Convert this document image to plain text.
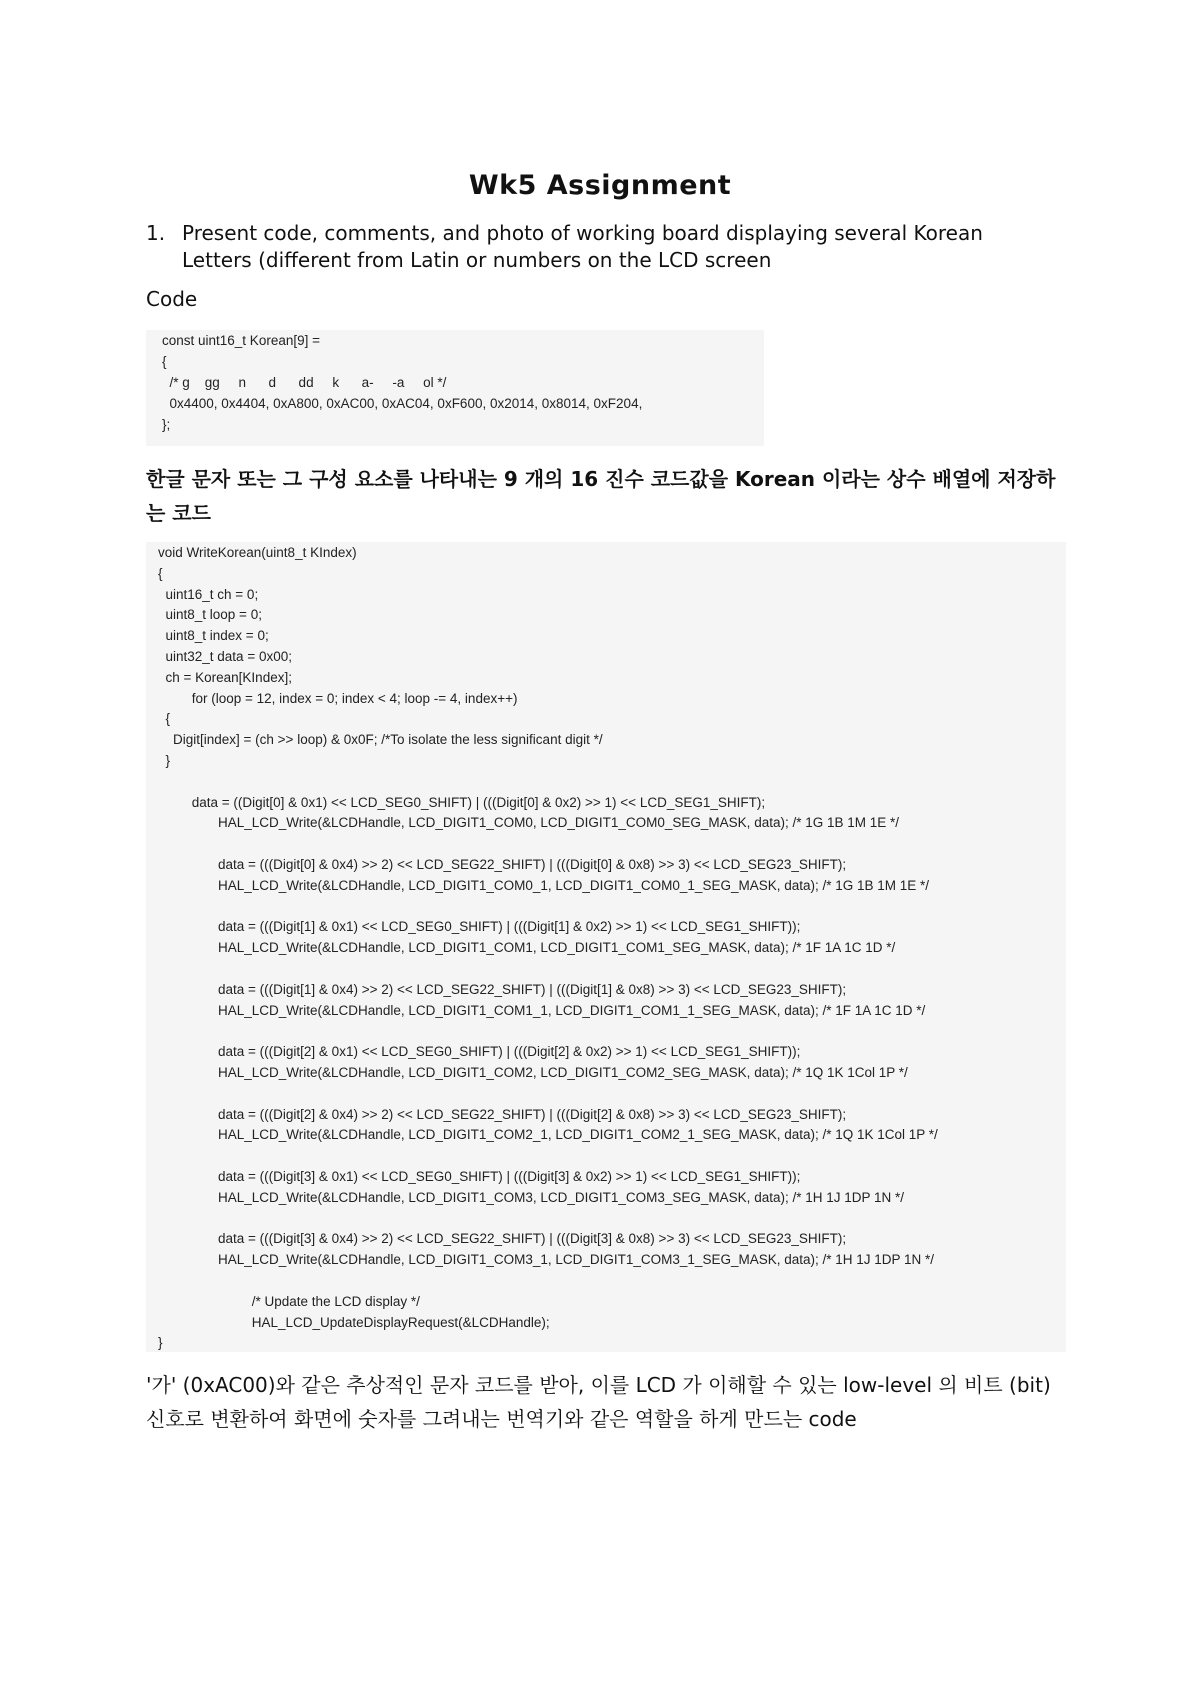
Wk5 Assignment
1. Present code, comments, and photo of working board displaying several Korean Letters (different from Latin or numbers on the LCD screen
Code
const uint16_t Korean[9] =
{
/* g    gg     n      d      dd     k      a-     -a     ol */
0x4400, 0x4404, 0xA800, 0xAC00, 0xAC04, 0xF600, 0x2014, 0x8014, 0xF204,
};
한글 문자 또는 그 구성 요소를 나타내는 9 개의 16 진수 코드값을 Korean 이라는 상수 배열에 저장하는 코드
void WriteKorean(uint8_t KIndex)
{
uint16_t ch = 0;
uint8_t loop = 0;
uint8_t index = 0;
uint32_t data = 0x00;
ch = Korean[KIndex];
for (loop = 12, index = 0; index < 4; loop -= 4, index++)
{
Digit[index] = (ch >> loop) & 0x0F; /*To isolate the less significant digit */
}
data = ((Digit[0] & 0x1) << LCD_SEG0_SHIFT) | (((Digit[0] & 0x2) >> 1) << LCD_SEG1_SHIFT);
HAL_LCD_Write(&LCDHandle, LCD_DIGIT1_COM0, LCD_DIGIT1_COM0_SEG_MASK, data); /* 1G 1B 1M 1E */
data = (((Digit[0] & 0x4) >> 2) << LCD_SEG22_SHIFT) | (((Digit[0] & 0x8) >> 3) << LCD_SEG23_SHIFT);
HAL_LCD_Write(&LCDHandle, LCD_DIGIT1_COM0_1, LCD_DIGIT1_COM0_1_SEG_MASK, data); /* 1G 1B 1M 1E */
data = (((Digit[1] & 0x1) << LCD_SEG0_SHIFT) | (((Digit[1] & 0x2) >> 1) << LCD_SEG1_SHIFT));
HAL_LCD_Write(&LCDHandle, LCD_DIGIT1_COM1, LCD_DIGIT1_COM1_SEG_MASK, data); /* 1F 1A 1C 1D */
data = (((Digit[1] & 0x4) >> 2) << LCD_SEG22_SHIFT) | (((Digit[1] & 0x8) >> 3) << LCD_SEG23_SHIFT);
HAL_LCD_Write(&LCDHandle, LCD_DIGIT1_COM1_1, LCD_DIGIT1_COM1_1_SEG_MASK, data); /* 1F 1A 1C 1D */
data = (((Digit[2] & 0x1) << LCD_SEG0_SHIFT) | (((Digit[2] & 0x2) >> 1) << LCD_SEG1_SHIFT));
HAL_LCD_Write(&LCDHandle, LCD_DIGIT1_COM2, LCD_DIGIT1_COM2_SEG_MASK, data); /* 1Q 1K 1Col 1P */
data = (((Digit[2] & 0x4) >> 2) << LCD_SEG22_SHIFT) | (((Digit[2] & 0x8) >> 3) << LCD_SEG23_SHIFT);
HAL_LCD_Write(&LCDHandle, LCD_DIGIT1_COM2_1, LCD_DIGIT1_COM2_1_SEG_MASK, data); /* 1Q 1K 1Col 1P */
data = (((Digit[3] & 0x1) << LCD_SEG0_SHIFT) | (((Digit[3] & 0x2) >> 1) << LCD_SEG1_SHIFT));
HAL_LCD_Write(&LCDHandle, LCD_DIGIT1_COM3, LCD_DIGIT1_COM3_SEG_MASK, data); /* 1H 1J 1DP 1N */
data = (((Digit[3] & 0x4) >> 2) << LCD_SEG22_SHIFT) | (((Digit[3] & 0x8) >> 3) << LCD_SEG23_SHIFT);
HAL_LCD_Write(&LCDHandle, LCD_DIGIT1_COM3_1, LCD_DIGIT1_COM3_1_SEG_MASK, data); /* 1H 1J 1DP 1N */
/* Update the LCD display */
HAL_LCD_UpdateDisplayRequest(&LCDHandle);
}
'가' (0xAC00)와 같은 추상적인 문자 코드를 받아, 이를 LCD 가 이해할 수 있는 low-level 의 비트 (bit) 신호로 변환하여 화면에 숫자를 그려내는 번역기와 같은 역할을 하게 만드는 code
